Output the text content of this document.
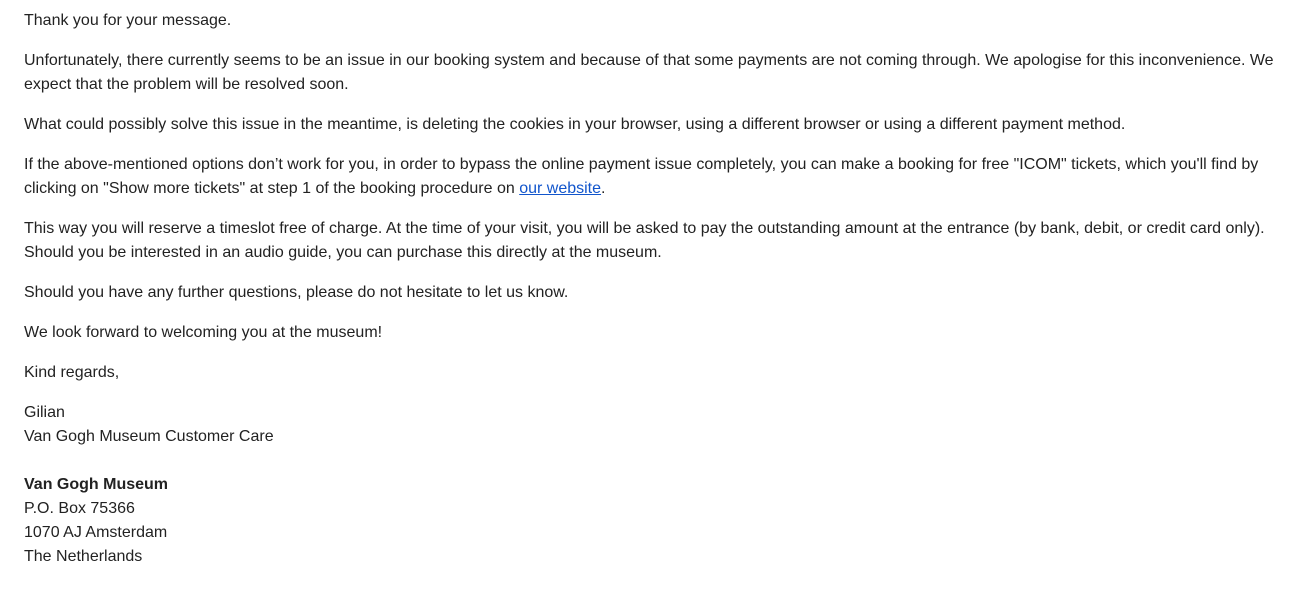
Thank you for your message.

Unfortunately, there currently seems to be an issue in our booking system and because of that some payments are not coming through. We apologise for this inconvenience. We expect that the problem will be resolved soon.

What could possibly solve this issue in the meantime, is deleting the cookies in your browser, using a different browser or using a different payment method.

If the above-mentioned options don’t work for you, in order to bypass the online payment issue completely, you can make a booking for free "ICOM" tickets, which you'll find by clicking on "Show more tickets" at step 1 of the booking procedure on our website.

This way you will reserve a timeslot free of charge. At the time of your visit, you will be asked to pay the outstanding amount at the entrance (by bank, debit, or credit card only). Should you be interested in an audio guide, you can purchase this directly at the museum.

Should you have any further questions, please do not hesitate to let us know.

We look forward to welcoming you at the museum!

Kind regards,

Gilian
Van Gogh Museum Customer Care
Van Gogh Museum
P.O. Box 75366
1070 AJ Amsterdam
The Netherlands
